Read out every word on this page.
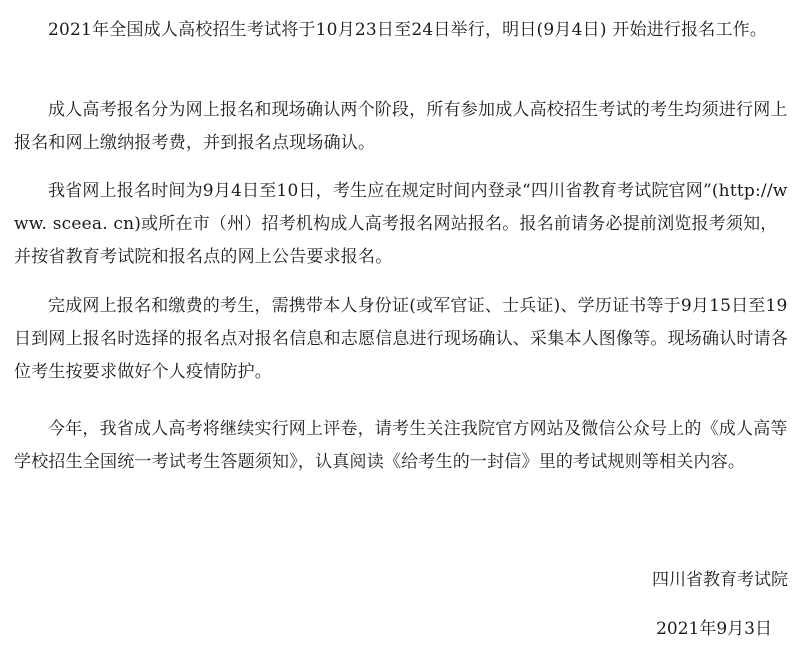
2021年全国成人高校招生考试将于10月23日至24日举行，明日(9月4日) 开始进行报名工作。

成人高考报名分为网上报名和现场确认两个阶段，所有参加成人高校招生考试的考生均须进行网上报名和网上缴纳报考费，并到报名点现场确认。

我省网上报名时间为9月4日至10日，考生应在规定时间内登录“四川省教育考试院官网”(http://www. sceea. cn)或所在市（州）招考机构成人高考报名网站报名。报名前请务必提前浏览报考须知，并按省教育考试院和报名点的网上公告要求报名。

完成网上报名和缴费的考生，需携带本人身份证(或军官证、士兵证)、学历证书等于9月15日至19日到网上报名时选择的报名点对报名信息和志愿信息进行现场确认、采集本人图像等。现场确认时请各位考生按要求做好个人疫情防护。

今年，我省成人高考将继续实行网上评卷，请考生关注我院官方网站及微信公众号上的《成人高等学校招生全国统一考试考生答题须知》，认真阅读《给考生的一封信》里的考试规则等相关内容。

四川省教育考试院

2021年9月3日
